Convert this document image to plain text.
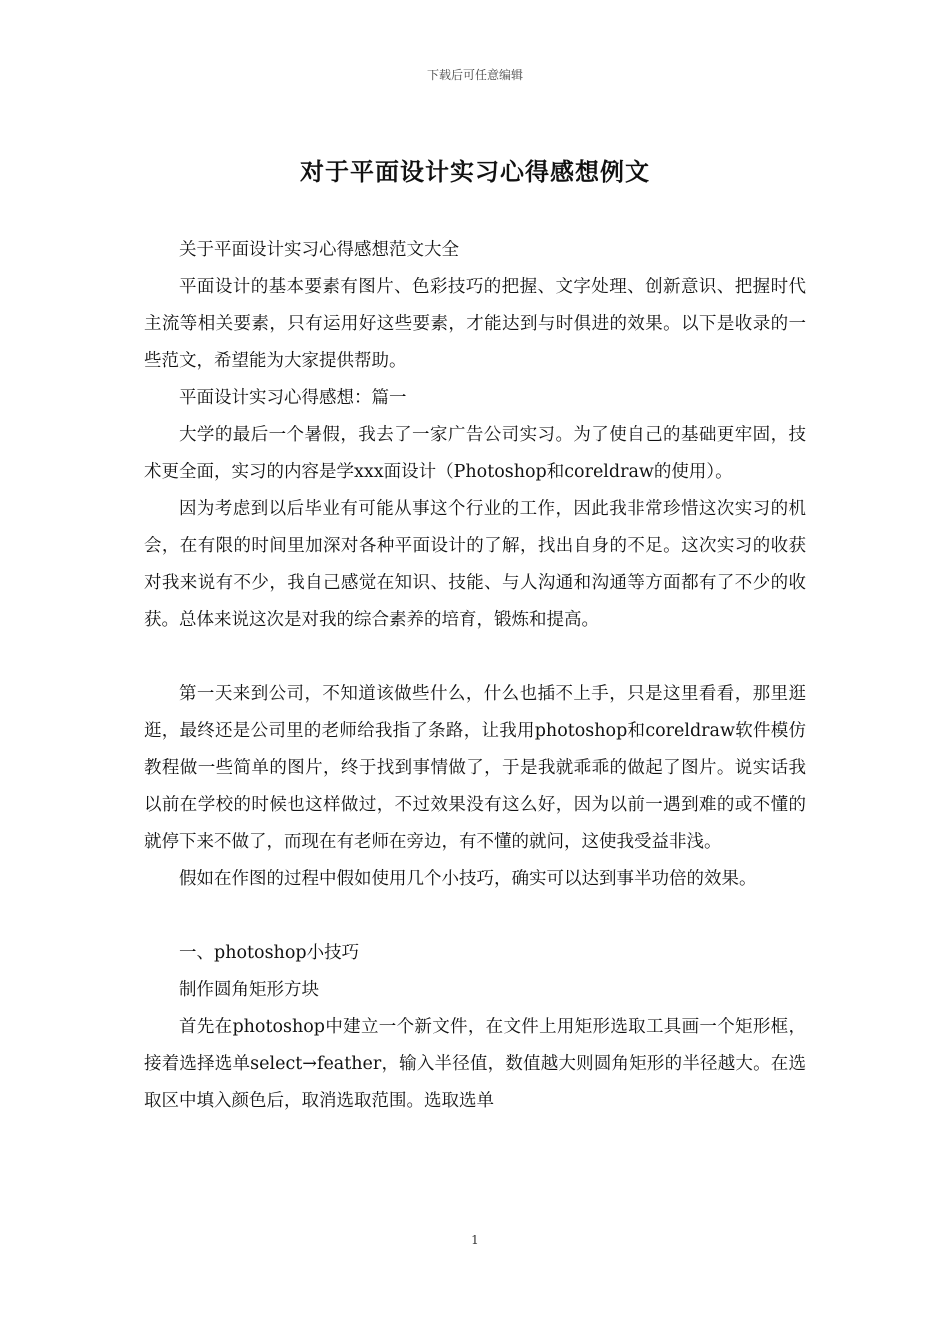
下载后可任意编辑
对于平面设计实习心得感想例文

关于平面设计实习心得感想范文大全

平面设计的基本要素有图片、色彩技巧的把握、文字处理、创新意识、把握时代主流等相关要素，只有运用好这些要素，才能达到与时俱进的效果。以下是收录的一些范文，希望能为大家提供帮助。

平面设计实习心得感想：篇一

大学的最后一个暑假，我去了一家广告公司实习。为了使自己的基础更牢固，技术更全面，实习的内容是学xxx面设计（Photoshop和coreldraw的使用）。

因为考虑到以后毕业有可能从事这个行业的工作，因此我非常珍惜这次实习的机会，在有限的时间里加深对各种平面设计的了解，找出自身的不足。这次实习的收获对我来说有不少，我自己感觉在知识、技能、与人沟通和沟通等方面都有了不少的收获。总体来说这次是对我的综合素养的培育，锻炼和提高。

第一天来到公司，不知道该做些什么，什么也插不上手，只是这里看看，那里逛逛，最终还是公司里的老师给我指了条路，让我用photoshop和coreldraw软件模仿教程做一些简单的图片，终于找到事情做了，于是我就乖乖的做起了图片。说实话我以前在学校的时候也这样做过，不过效果没有这么好，因为以前一遇到难的或不懂的就停下来不做了，而现在有老师在旁边，有不懂的就问，这使我受益非浅。

假如在作图的过程中假如使用几个小技巧，确实可以达到事半功倍的效果。

一、photoshop小技巧

制作圆角矩形方块

首先在photoshop中建立一个新文件，在文件上用矩形选取工具画一个矩形框，接着选择选单select→feather，输入半径值，数值越大则圆角矩形的半径越大。在选取区中填入颜色后，取消选取范围。选取选单

1
